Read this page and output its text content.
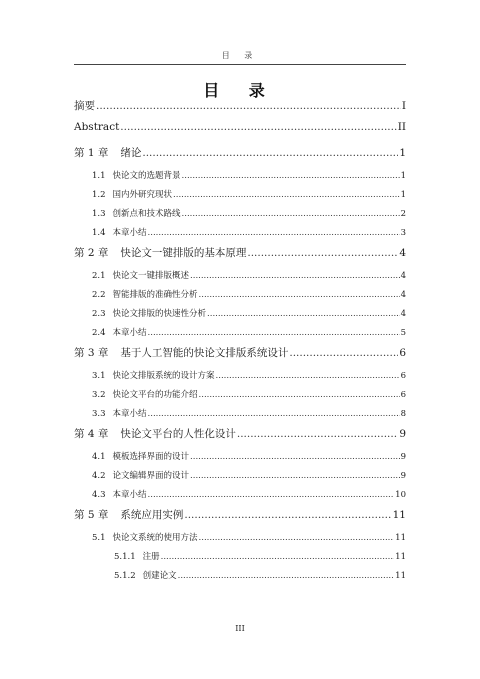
目 录
目 录
摘要 .....	I
Abstract .....	II
第 1 章 绪论 .....	1
1.1 快论文的选题背景 .....	1
1.2 国内外研究现状 .....	1
1.3 创新点和技术路线 .....	2
1.4 本章小结 .....	3
第 2 章 快论文一键排版的基本原理 .....	4
2.1 快论文一键排版概述 .....	4
2.2 智能排版的准确性分析 .....	4
2.3 快论文排版的快速性分析 .....	4
2.4 本章小结 .....	5
第 3 章 基于人工智能的快论文排版系统设计 .....	6
3.1 快论文排版系统的设计方案 .....	6
3.2 快论文平台的功能介绍 .....	6
3.3 本章小结 .....	8
第 4 章 快论文平台的人性化设计 .....	9
4.1 模板选择界面的设计 .....	9
4.2 论文编辑界面的设计 .....	9
4.3 本章小结 .....	10
第 5 章 系统应用实例 .....	11
5.1 快论文系统的使用方法 .....	11
5.1.1 注册 .....	11
5.1.2 创建论文 .....	11
III
